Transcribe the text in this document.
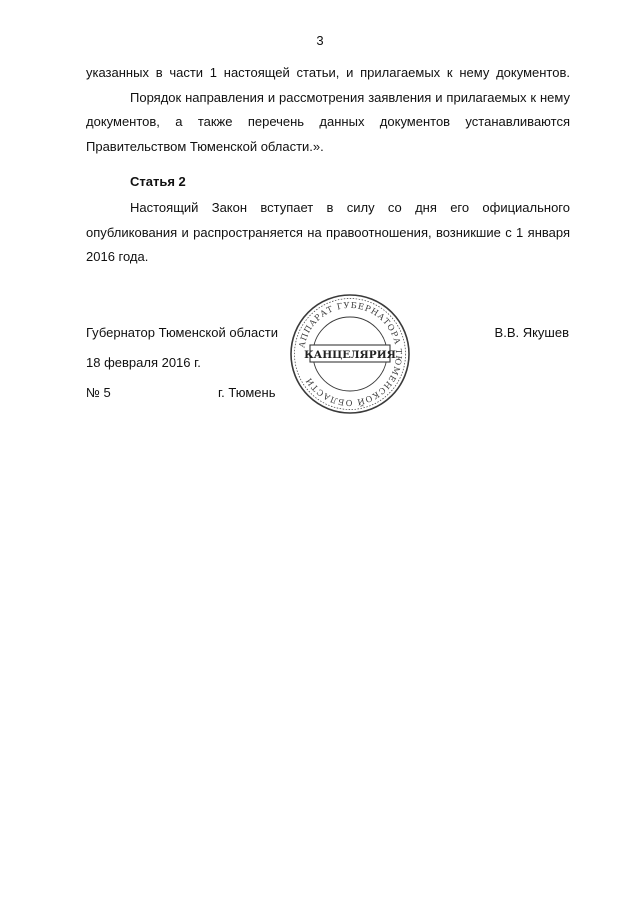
3
указанных в части 1 настоящей статьи, и прилагаемых к нему документов.
Порядок направления и рассмотрения заявления и прилагаемых к нему
документов, а также перечень данных документов устанавливаются
Правительством Тюменской области.».
Статья 2
Настоящий Закон вступает в силу со дня его официального
опубликования и распространяется на правоотношения, возникшие с 1 января
2016 года.
Губернатор Тюменской области	В.В. Якушев
18 февраля 2016 г.
№ 5	г. Тюмень
АППАРАТ ГУБЕРНАТОРА ТЮМЕНСКОЙ ОБЛАСТИ
КАНЦЕЛЯРИЯ
